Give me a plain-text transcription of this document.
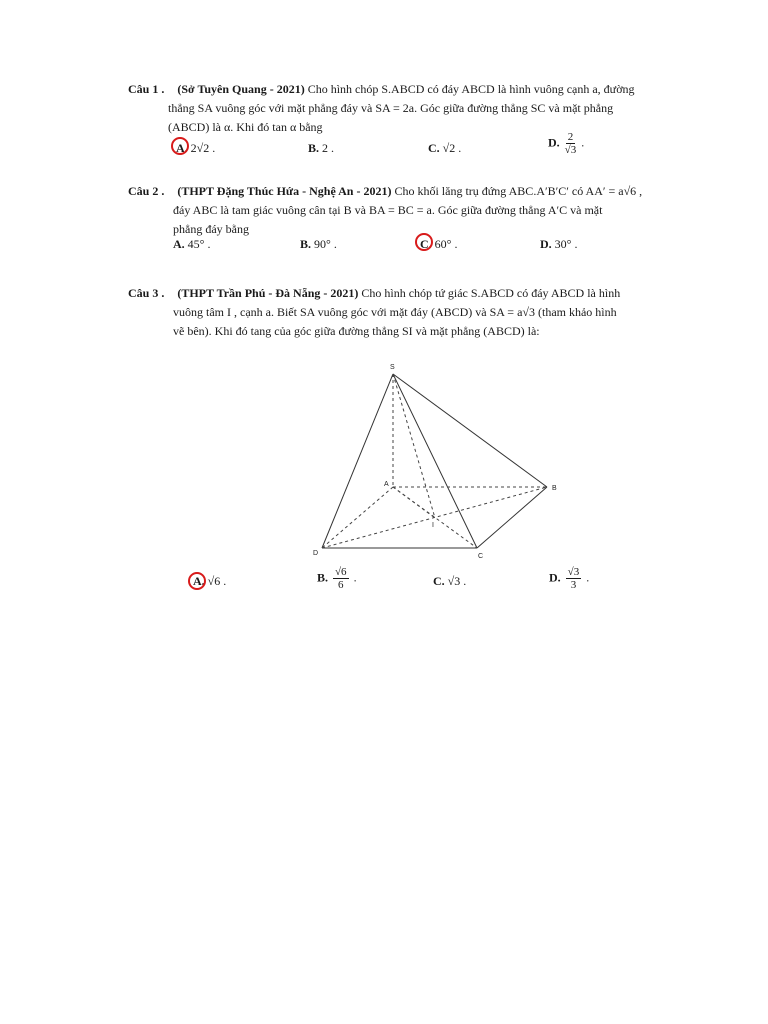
Câu 1 . (Sở Tuyên Quang - 2021) Cho hình chóp S.ABCD có đáy ABCD là hình vuông cạnh a, đường
thẳng SA vuông góc với mặt phẳng đáy và SA = 2a. Góc giữa đường thẳng SC và mặt phẳng
(ABCD) là α. Khi đó tan α bằng
A. 2√2 .	B. 2 .	C. √2 .	D. $\frac{2}{√3}$ .
Câu 2 . (THPT Đặng Thúc Hứa - Nghệ An - 2021) Cho khối lăng trụ đứng ABC.A′B′C′ có AA′ = a√6 ,
đáy ABC là tam giác vuông cân tại B và BA = BC = a. Góc giữa đường thẳng A′C và mặt
phẳng đáy bằng
A. 45° .	B. 90° .	C. 60° .	D. 30° .
Câu 3 . (THPT Trần Phú - Đà Nẵng - 2021) Cho hình chóp tứ giác S.ABCD có đáy ABCD là hình
vuông tâm I , cạnh a. Biết SA vuông góc với mặt đáy (ABCD) và SA = a√3 (tham khảo hình
vẽ bên). Khi đó tang của góc giữa đường thẳng SI và mặt phẳng (ABCD) là:
S
A
B
C
D
I
A. √6 .	B. $\frac{√6}{6}$ .	C. √3 .	D. $\frac{√3}{3}$ .
